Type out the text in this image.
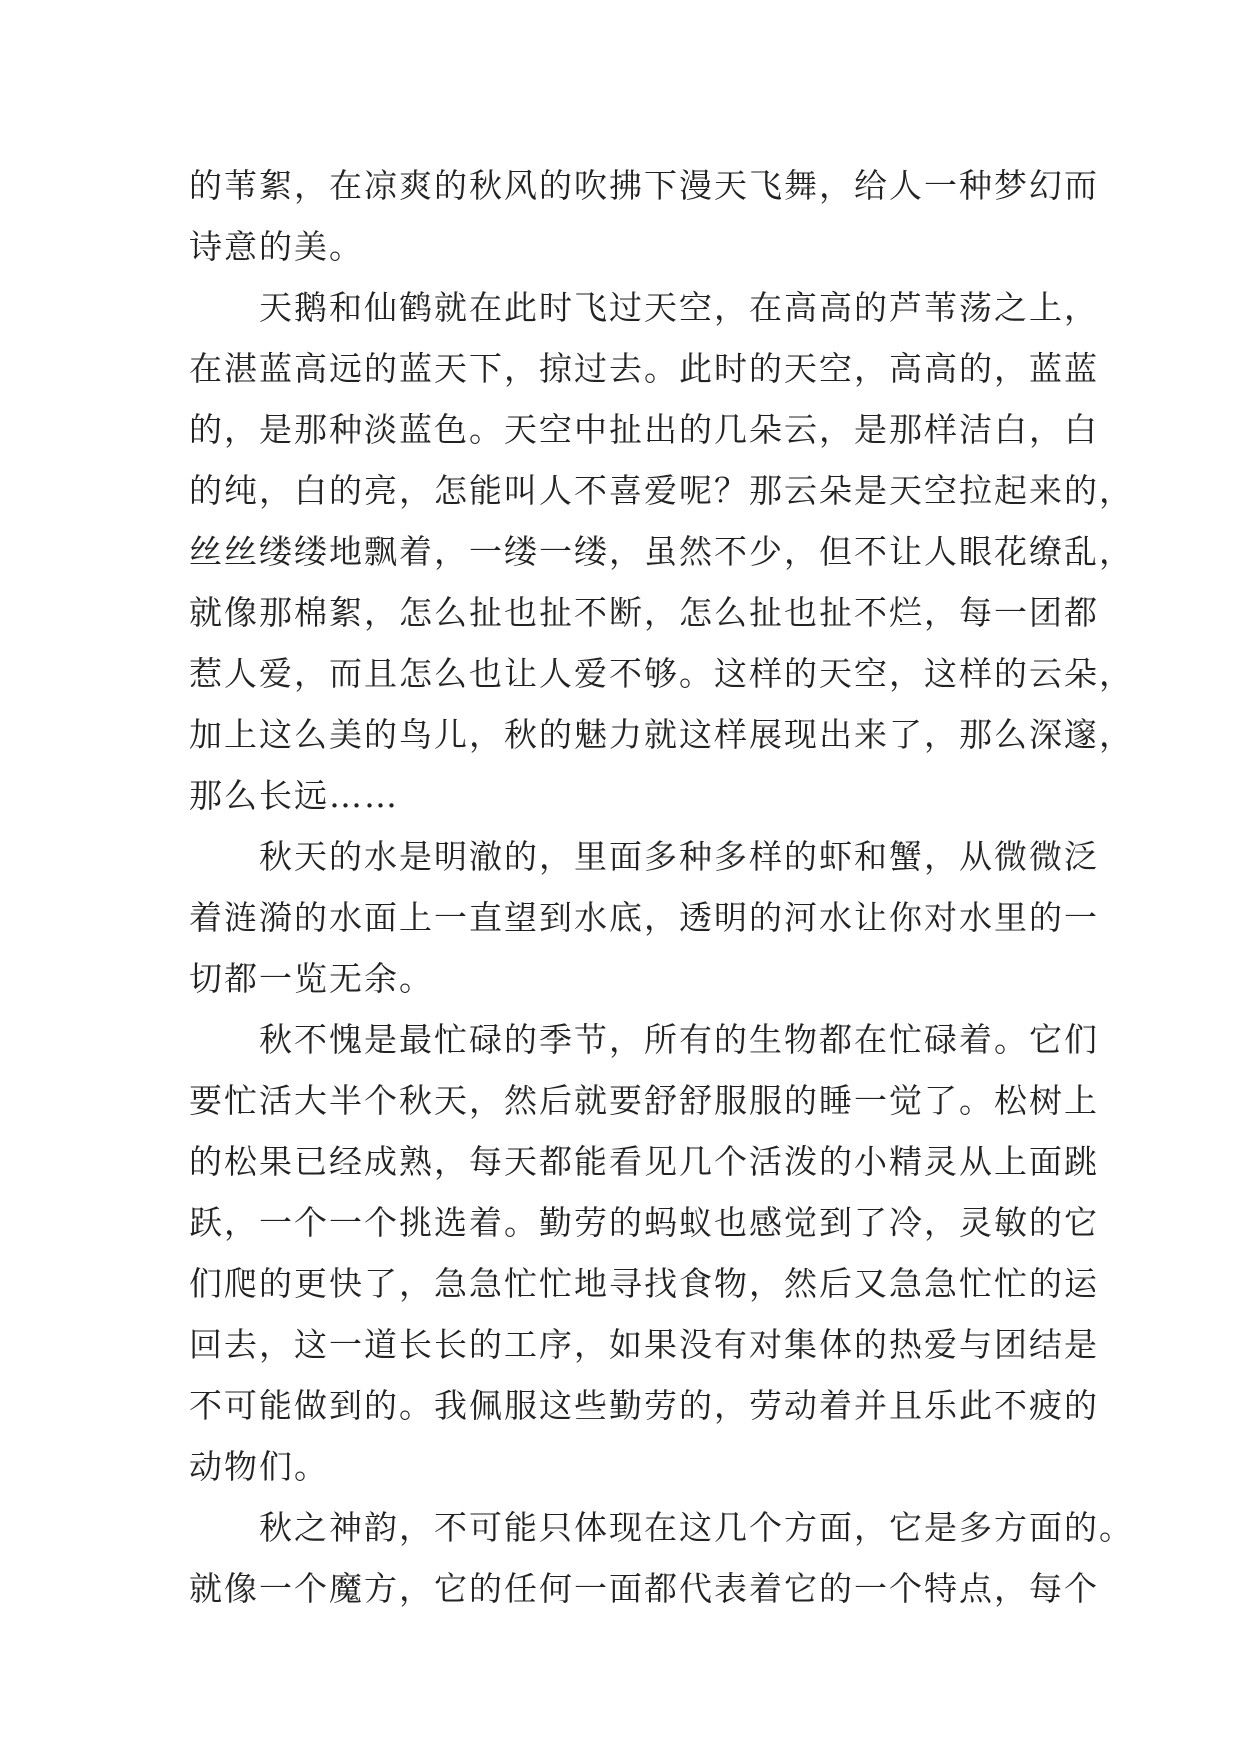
的苇絮，在凉爽的秋风的吹拂下漫天飞舞，给人一种梦幻而
诗意的美。
天鹅和仙鹤就在此时飞过天空，在高高的芦苇荡之上，
在湛蓝高远的蓝天下，掠过去。此时的天空，高高的，蓝蓝
的，是那种淡蓝色。天空中扯出的几朵云，是那样洁白，白
的纯，白的亮，怎能叫人不喜爱呢？那云朵是天空拉起来的，
丝丝缕缕地飘着，一缕一缕，虽然不少，但不让人眼花缭乱，
就像那棉絮，怎么扯也扯不断，怎么扯也扯不烂，每一团都
惹人爱，而且怎么也让人爱不够。这样的天空，这样的云朵，
加上这么美的鸟儿，秋的魅力就这样展现出来了，那么深邃，
那么长远……
秋天的水是明澈的，里面多种多样的虾和蟹，从微微泛
着涟漪的水面上一直望到水底，透明的河水让你对水里的一
切都一览无余。
秋不愧是最忙碌的季节，所有的生物都在忙碌着。它们
要忙活大半个秋天，然后就要舒舒服服的睡一觉了。松树上
的松果已经成熟，每天都能看见几个活泼的小精灵从上面跳
跃，一个一个挑选着。勤劳的蚂蚁也感觉到了冷，灵敏的它
们爬的更快了，急急忙忙地寻找食物，然后又急急忙忙的运
回去，这一道长长的工序，如果没有对集体的热爱与团结是
不可能做到的。我佩服这些勤劳的，劳动着并且乐此不疲的
动物们。
秋之神韵，不可能只体现在这几个方面，它是多方面的。
就像一个魔方，它的任何一面都代表着它的一个特点，每个
